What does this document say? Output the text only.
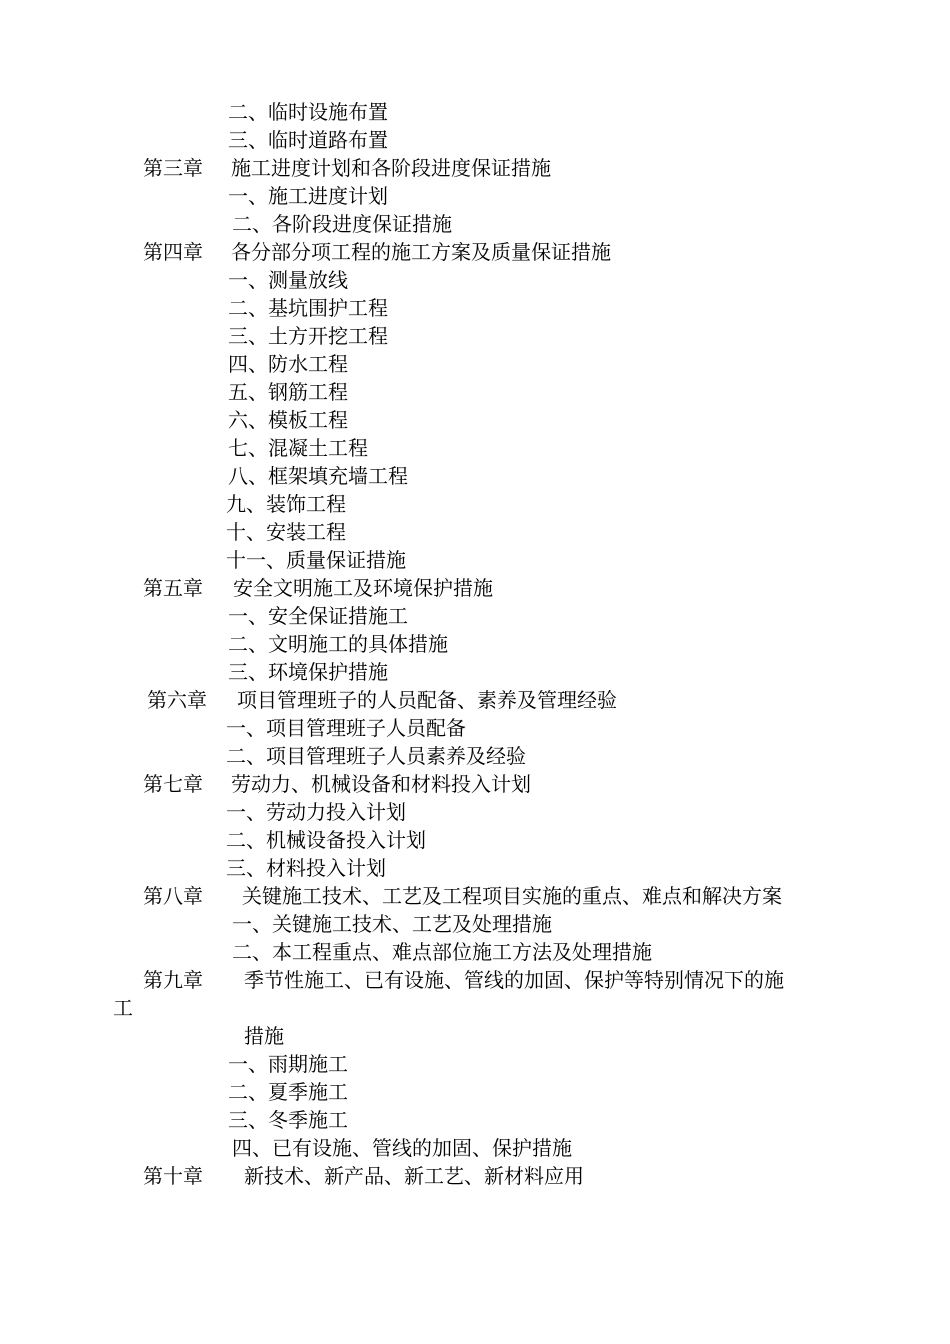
二、临时设施布置
三、临时道路布置
第三章 施工进度计划和各阶段进度保证措施
一、施工进度计划
二、各阶段进度保证措施
第四章 各分部分项工程的施工方案及质量保证措施
一、测量放线
二、基坑围护工程
三、土方开挖工程
四、防水工程
五、钢筋工程
六、模板工程
七、混凝土工程
八、框架填充墙工程
九、装饰工程
十、安装工程
十一、质量保证措施
第五章 安全文明施工及环境保护措施
一、安全保证措施工
二、文明施工的具体措施
三、环境保护措施
第六章 项目管理班子的人员配备、素养及管理经验
一、项目管理班子人员配备
二、项目管理班子人员素养及经验
第七章 劳动力、机械设备和材料投入计划
一、劳动力投入计划
二、机械设备投入计划
三、材料投入计划
第八章 关键施工技术、工艺及工程项目实施的重点、难点和解决方案
一、关键施工技术、工艺及处理措施
二、本工程重点、难点部位施工方法及处理措施
第九章 季节性施工、已有设施、管线的加固、保护等特别情况下的施
工
措施
一、雨期施工
二、夏季施工
三、冬季施工
四、已有设施、管线的加固、保护措施
第十章 新技术、新产品、新工艺、新材料应用
